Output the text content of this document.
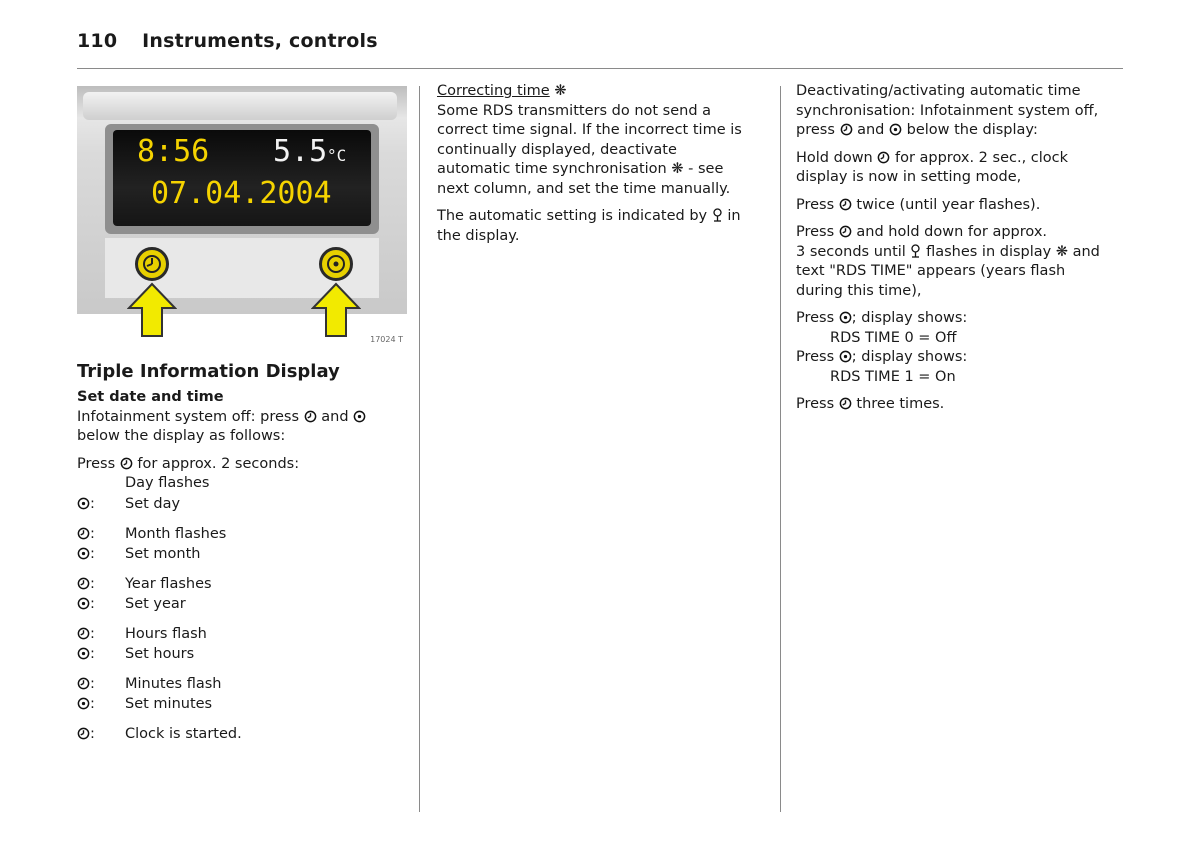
110 Instruments, controls
8:56 5.5 °C
07.04.2004
17024 T
Triple Information Display
Set date and time

Infotainment system off: press and
below the display as follows:

Press for approx. 2 seconds:
Day flashes
:	Set day
:	Month flashes
:	Set month
:	Year flashes
:	Set year
:	Hours flash
:	Set hours
:	Minutes flash
:	Set minutes
:	Clock is started.
Correcting time ❋

Some RDS transmitters do not send a
correct time signal. If the incorrect time is
continually displayed, deactivate
automatic time synchronisation ❋ - see
next column, and set the time manually.

The automatic setting is indicated by in
the display.

Deactivating/activating automatic time
synchronisation: Infotainment system off,
press and below the display:

Hold down for approx. 2 sec., clock
display is now in setting mode,

Press twice (until year flashes).

Press and hold down for approx.
3 seconds until flashes in display ❋ and
text "RDS TIME" appears (years flash
during this time),

Press ; display shows:
RDS TIME 0 = Off
Press ; display shows:

RDS TIME 1 = On

Press three times.
